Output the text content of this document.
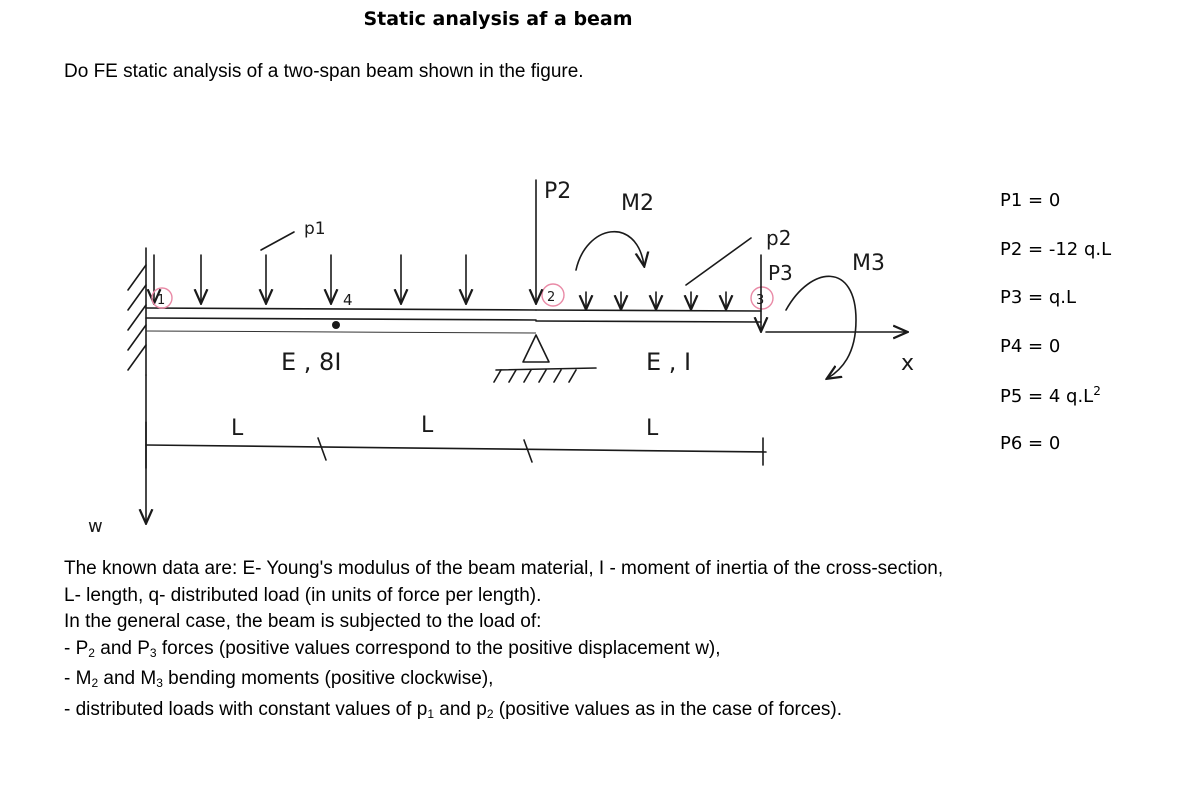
Static analysis af a beam
Do FE static analysis of a two-span beam shown in the figure.
p1
4
1	2	3
P2 M2
p2
P3	M3
x
E , 8I	E , I
L	L	L
w
P1 = 0
P2 = -12 q.L
P3 = q.L
P4 = 0
P5 = 4 $q.L^2$
P6 = 0

The known data are: E- Young's modulus of the beam material, I - moment of inertia of the cross-section, L- length, q- distributed load (in units of force per length).

In the general case, the beam is subjected to the load of:

- $P_2$ and $P_3$ forces (positive values correspond to the positive displacement w),

- $M_2$ and $M_3$ bending moments (positive clockwise),

- distributed loads with constant values of $p_1$ and $p_2$ (positive values as in the case of forces).
